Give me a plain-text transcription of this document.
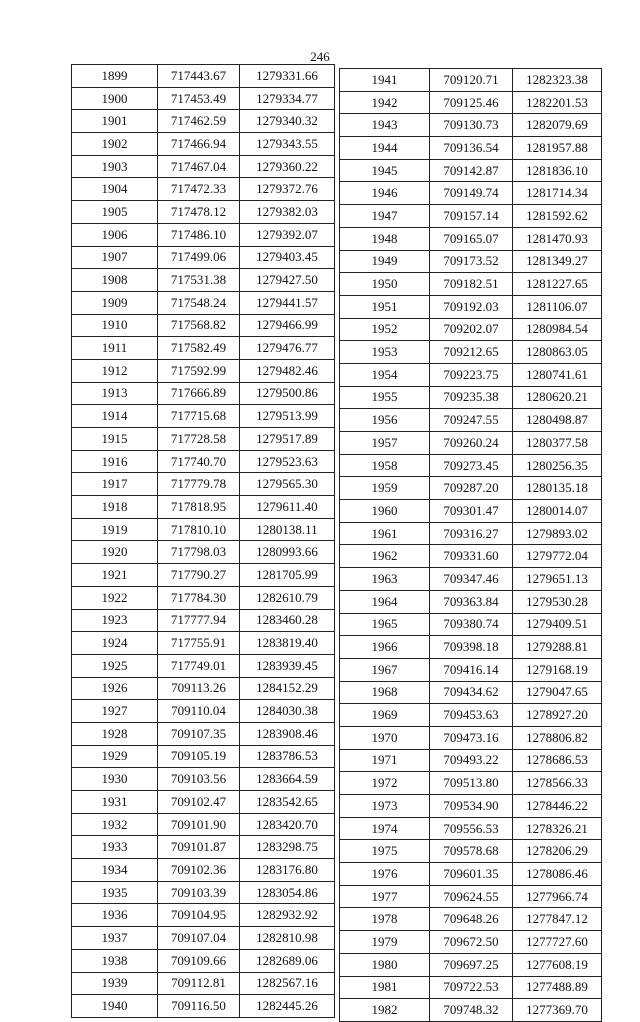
246
1899	717443.67	1279331.66
1900	717453.49	1279334.77
1901	717462.59	1279340.32
1902	717466.94	1279343.55
1903	717467.04	1279360.22
1904	717472.33	1279372.76
1905	717478.12	1279382.03
1906	717486.10	1279392.07
1907	717499.06	1279403.45
1908	717531.38	1279427.50
1909	717548.24	1279441.57
1910	717568.82	1279466.99
1911	717582.49	1279476.77
1912	717592.99	1279482.46
1913	717666.89	1279500.86
1914	717715.68	1279513.99
1915	717728.58	1279517.89
1916	717740.70	1279523.63
1917	717779.78	1279565.30
1918	717818.95	1279611.40
1919	717810.10	1280138.11
1920	717798.03	1280993.66
1921	717790.27	1281705.99
1922	717784.30	1282610.79
1923	717777.94	1283460.28
1924	717755.91	1283819.40
1925	717749.01	1283939.45
1926	709113.26	1284152.29
1927	709110.04	1284030.38
1928	709107.35	1283908.46
1929	709105.19	1283786.53
1930	709103.56	1283664.59
1931	709102.47	1283542.65
1932	709101.90	1283420.70
1933	709101.87	1283298.75
1934	709102.36	1283176.80
1935	709103.39	1283054.86
1936	709104.95	1282932.92
1937	709107.04	1282810.98
1938	709109.66	1282689.06
1939	709112.81	1282567.16
1940	709116.50	1282445.26
1941	709120.71	1282323.38
1942	709125.46	1282201.53
1943	709130.73	1282079.69
1944	709136.54	1281957.88
1945	709142.87	1281836.10
1946	709149.74	1281714.34
1947	709157.14	1281592.62
1948	709165.07	1281470.93
1949	709173.52	1281349.27
1950	709182.51	1281227.65
1951	709192.03	1281106.07
1952	709202.07	1280984.54
1953	709212.65	1280863.05
1954	709223.75	1280741.61
1955	709235.38	1280620.21
1956	709247.55	1280498.87
1957	709260.24	1280377.58
1958	709273.45	1280256.35
1959	709287.20	1280135.18
1960	709301.47	1280014.07
1961	709316.27	1279893.02
1962	709331.60	1279772.04
1963	709347.46	1279651.13
1964	709363.84	1279530.28
1965	709380.74	1279409.51
1966	709398.18	1279288.81
1967	709416.14	1279168.19
1968	709434.62	1279047.65
1969	709453.63	1278927.20
1970	709473.16	1278806.82
1971	709493.22	1278686.53
1972	709513.80	1278566.33
1973	709534.90	1278446.22
1974	709556.53	1278326.21
1975	709578.68	1278206.29
1976	709601.35	1278086.46
1977	709624.55	1277966.74
1978	709648.26	1277847.12
1979	709672.50	1277727.60
1980	709697.25	1277608.19
1981	709722.53	1277488.89
1982	709748.32	1277369.70
